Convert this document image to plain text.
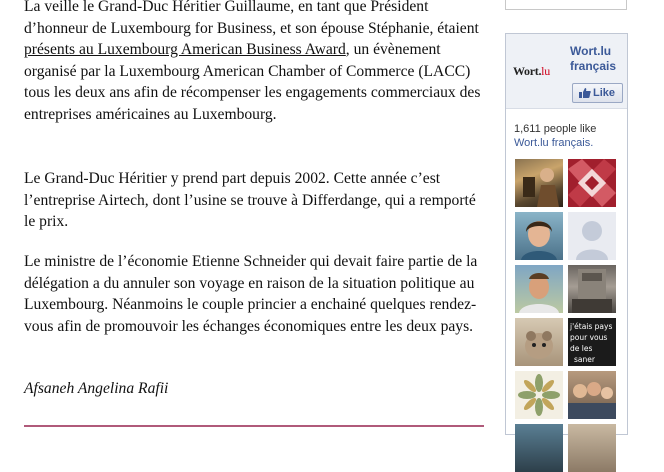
La veille le Grand-Duc Héritier Guillaume, en tant que Président d’honneur de Luxembourg for Business, et son épouse Stéphanie, étaient présents au Luxembourg American Business Award, un évènement organisé par la Luxembourg American Chamber of Commerce (LACC) tous les deux ans afin de récompenser les engagements commerciaux des entreprises américaines au Luxembourg.

Le Grand-Duc Héritier y prend part depuis 2002. Cette année c’est l’entreprise Airtech, dont l’usine se trouve à Differdange, qui a remporté le prix.

Le ministre de l’économie Etienne Schneider qui devait faire partie de la délégation a du annuler son voyage en raison de la situation politique au Luxembourg. Néanmoins le couple princier a enchainé quelques rendez-vous afin de promouvoir les échanges économiques entre les deux pays.

Afsaneh Angelina Rafii

Wort.lu
Wort.lu français
Like
1,611 people like
Wort.lu français.
j'étais pays
pour vous
de les
saner
